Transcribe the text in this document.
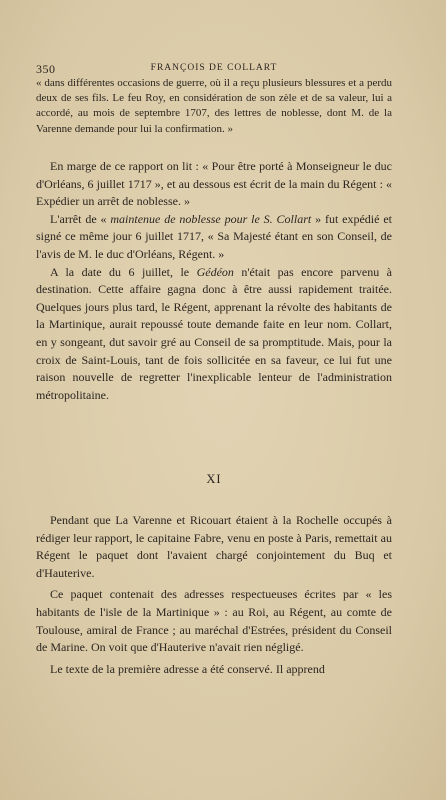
350	FRANÇOIS DE COLLART

« dans différentes occasions de guerre, où il a reçu plusieurs blessures et a perdu deux de ses fils. Le feu Roy, en considération de son zèle et de sa valeur, lui a accordé, au mois de septembre 1707, des lettres de noblesse, dont M. de la Varenne demande pour lui la confirmation. »

En marge de ce rapport on lit : « Pour être porté à Monseigneur le duc d'Orléans, 6 juillet 1717 », et au dessous est écrit de la main du Régent : « Expédier un arrêt de noblesse. »

L'arrêt de « maintenue de noblesse pour le S. Collart » fut expédié et signé ce même jour 6 juillet 1717, « Sa Majesté étant en son Conseil, de l'avis de M. le duc d'Orléans, Régent. »

A la date du 6 juillet, le Gédéon n'était pas encore parvenu à destination. Cette affaire gagna donc à être aussi rapidement traitée. Quelques jours plus tard, le Régent, apprenant la révolte des habitants de la Martinique, aurait repoussé toute demande faite en leur nom. Collart, en y songeant, dut savoir gré au Conseil de sa promptitude. Mais, pour la croix de Saint-Louis, tant de fois sollicitée en sa faveur, ce lui fut une raison nouvelle de regretter l'inexplicable lenteur de l'administration métropolitaine.

XI

Pendant que La Varenne et Ricouart étaient à la Rochelle occupés à rédiger leur rapport, le capitaine Fabre, venu en poste à Paris, remettait au Régent le paquet dont l'avaient chargé conjointement du Buq et d'Hauterive.

Ce paquet contenait des adresses respectueuses écrites par « les habitants de l'isle de la Martinique » : au Roi, au Régent, au comte de Toulouse, amiral de France ; au maréchal d'Estrées, président du Conseil de Marine. On voit que d'Hauterive n'avait rien négligé.

Le texte de la première adresse a été conservé. Il apprend
